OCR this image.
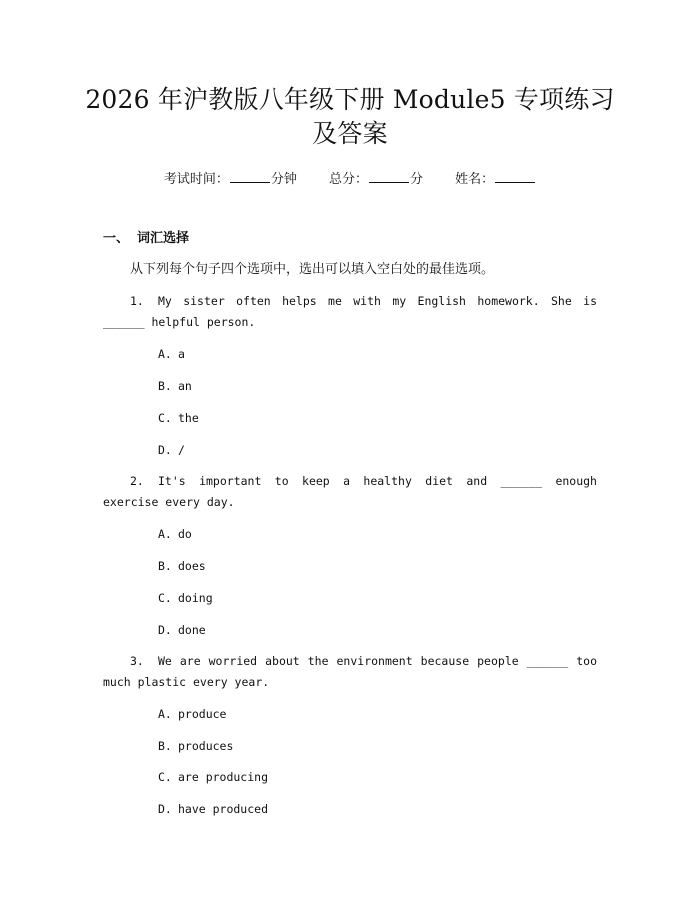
2026 年沪教版八年级下册 Module5 专项练习
及答案
考试时间：	分钟 总分：	分 姓名：
一、 词汇选择
从下列每个句子四个选项中，选出可以填入空白处的最佳选项。
1. My sister often helps me with my English homework. She is ______ helpful person.
A. a
B. an
C. the
D. /
2. It's important to keep a healthy diet and ______ enough exercise every day.
A. do
B. does
C. doing
D. done
3. We are worried about the environment because people ______ too much plastic every year.
A. produce
B. produces
C. are producing
D. have produced
